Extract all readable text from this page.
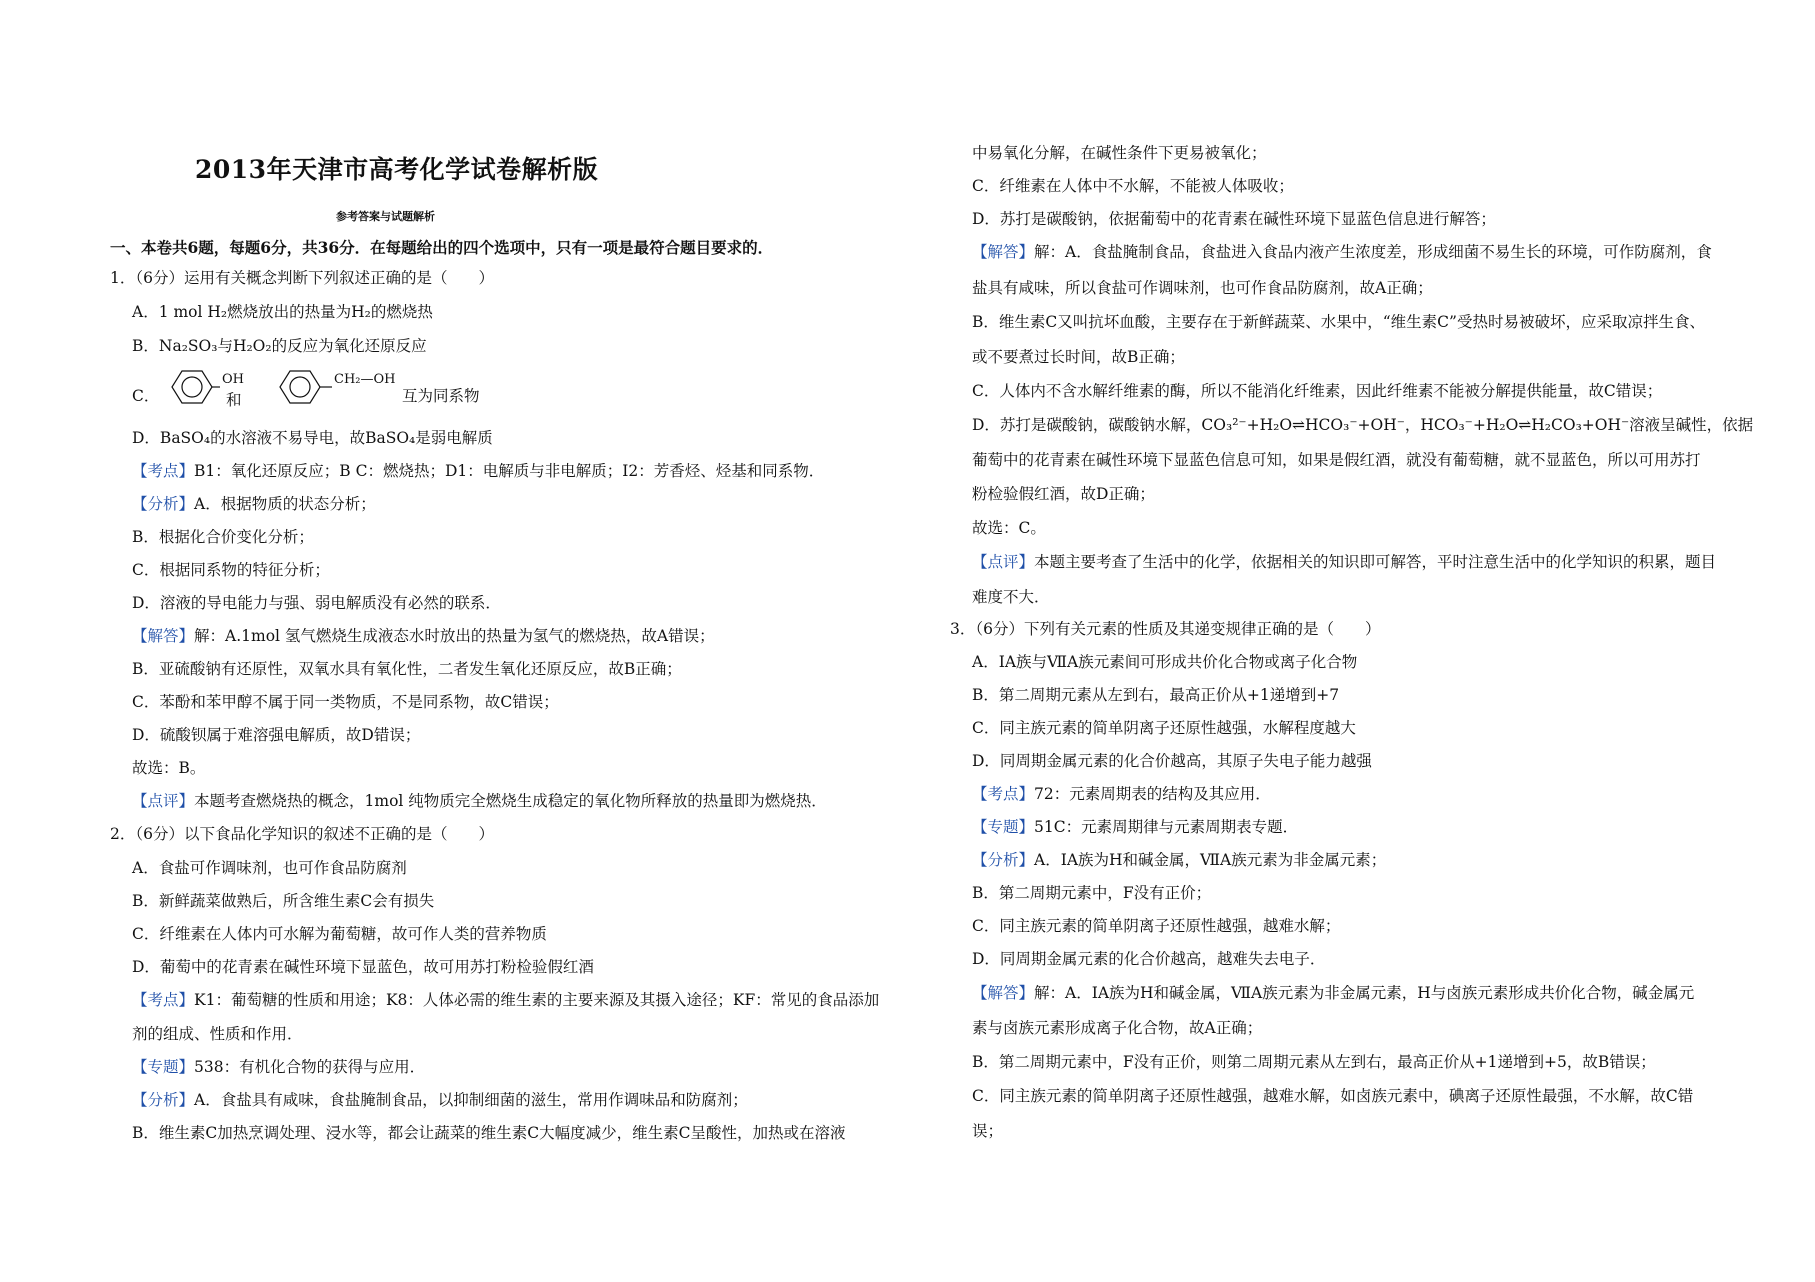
2013年天津市高考化学试卷解析版
参考答案与试题解析
一、本卷共6题，每题6分，共36分．在每题给出的四个选项中，只有一项是最符合题目要求的．
1．（6分）运用有关概念判断下列叙述正确的是（　　）
A．1 mol H₂燃烧放出的热量为H₂的燃烧热
B．Na₂SO₃与H₂O₂的反应为氧化还原反应
C．
OH
和
CH₂—OH
互为同系物
D．BaSO₄的水溶液不易导电，故BaSO₄是弱电解质
【考点】B1：氧化还原反应；B C：燃烧热；D1：电解质与非电解质；I2：芳香烃、烃基和同系物．
【分析】A．根据物质的状态分析；
B．根据化合价变化分析；
C．根据同系物的特征分析；
D．溶液的导电能力与强、弱电解质没有必然的联系．
【解答】解：A.1mol 氢气燃烧生成液态水时放出的热量为氢气的燃烧热，故A错误；
B．亚硫酸钠有还原性，双氧水具有氧化性，二者发生氧化还原反应，故B正确；
C．苯酚和苯甲醇不属于同一类物质，不是同系物，故C错误；
D．硫酸钡属于难溶强电解质，故D错误；
故选：B。
【点评】本题考查燃烧热的概念，1mol 纯物质完全燃烧生成稳定的氧化物所释放的热量即为燃烧热．
2．（6分）以下食品化学知识的叙述不正确的是（　　）
A．食盐可作调味剂，也可作食品防腐剂
B．新鲜蔬菜做熟后，所含维生素C会有损失
C．纤维素在人体内可水解为葡萄糖，故可作人类的营养物质
D．葡萄中的花青素在碱性环境下显蓝色，故可用苏打粉检验假红酒
【考点】K1：葡萄糖的性质和用途；K8：人体必需的维生素的主要来源及其摄入途径；KF：常见的食品添加
剂的组成、性质和作用．
【专题】538：有机化合物的获得与应用．
【分析】A．食盐具有咸味，食盐腌制食品，以抑制细菌的滋生，常用作调味品和防腐剂；
B．维生素C加热烹调处理、浸水等，都会让蔬菜的维生素C大幅度减少，维生素C呈酸性，加热或在溶液
中易氧化分解，在碱性条件下更易被氧化；
C．纤维素在人体中不水解，不能被人体吸收；
D．苏打是碳酸钠，依据葡萄中的花青素在碱性环境下显蓝色信息进行解答；
【解答】解：A．食盐腌制食品，食盐进入食品内液产生浓度差，形成细菌不易生长的环境，可作防腐剂，食
盐具有咸味，所以食盐可作调味剂，也可作食品防腐剂，故A正确；
B．维生素C又叫抗坏血酸，主要存在于新鲜蔬菜、水果中，“维生素C”受热时易被破坏，应采取凉拌生食、
或不要煮过长时间，故B正确；
C．人体内不含水解纤维素的酶，所以不能消化纤维素，因此纤维素不能被分解提供能量，故C错误；
D．苏打是碳酸钠，碳酸钠水解，CO₃²⁻+H₂O⇌HCO₃⁻+OH⁻，HCO₃⁻+H₂O⇌H₂CO₃+OH⁻溶液呈碱性，依据
葡萄中的花青素在碱性环境下显蓝色信息可知，如果是假红酒，就没有葡萄糖，就不显蓝色，所以可用苏打
粉检验假红酒，故D正确；
故选：C。
【点评】本题主要考查了生活中的化学，依据相关的知识即可解答，平时注意生活中的化学知识的积累，题目
难度不大．
3．（6分）下列有关元素的性质及其递变规律正确的是（　　）
A．ⅠA族与ⅦA族元素间可形成共价化合物或离子化合物
B．第二周期元素从左到右，最高正价从+1递增到+7
C．同主族元素的简单阴离子还原性越强，水解程度越大
D．同周期金属元素的化合价越高，其原子失电子能力越强
【考点】72：元素周期表的结构及其应用．
【专题】51C：元素周期律与元素周期表专题．
【分析】A．ⅠA族为H和碱金属，ⅦA族元素为非金属元素；
B．第二周期元素中，F没有正价；
C．同主族元素的简单阴离子还原性越强，越难水解；
D．同周期金属元素的化合价越高，越难失去电子．
【解答】解：A．ⅠA族为H和碱金属，ⅦA族元素为非金属元素，H与卤族元素形成共价化合物，碱金属元
素与卤族元素形成离子化合物，故A正确；
B．第二周期元素中，F没有正价，则第二周期元素从左到右，最高正价从+1递增到+5，故B错误；
C．同主族元素的简单阴离子还原性越强，越难水解，如卤族元素中，碘离子还原性最强，不水解，故C错
误；
